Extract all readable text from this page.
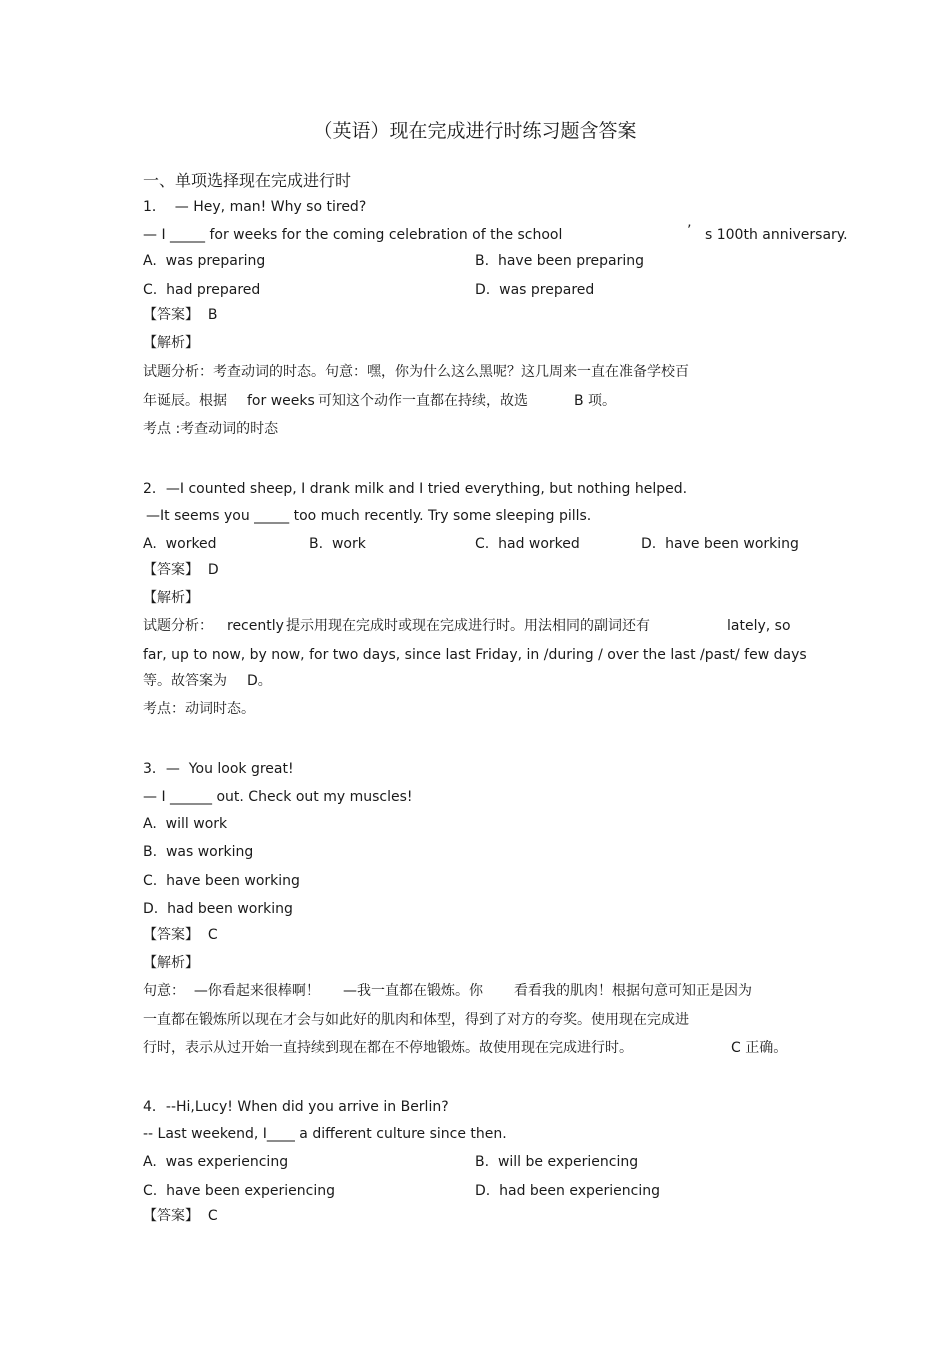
（英语）现在完成进行时练习题含答案
一、单项选择现在完成进行时
1．  — Hey, man! Why so tired?
— I _____ for weeks for the coming celebration of the school	’ s 100th anniversary.
A.  was preparing	B.  have been preparing
C.  had prepared	D.  was prepared
【答案】  B
【解析】
试题分析：考查动词的时态。句意：嘿，你为什么这么黑呢？这几周来一直在准备学校百
年诞辰。根据 for weeks 可知这个动作一直都在持续，故选	B 项。
考点 :考查动词的时态
2．—I counted sheep, I drank milk and I tried everything, but nothing helped.
—It seems you _____ too much recently. Try some sleeping pills.
A.  worked	B.  work	C.  had worked	D.  have been working
【答案】  D
【解析】
试题分析： recently 提示用现在完成时或现在完成进行时。用法相同的副词还有	lately, so
far, up to now, by now, for two days, since last Friday, in /during / over the last /past/ few days
等。故答案为 D。
考点：动词时态。
3．—  You look great!
— I ______ out. Check out my muscles!
A.  will work
B.  was working
C.  have been working
D.  had been working
【答案】  C
【解析】
句意：  —你看起来很棒啊！ —我一直都在锻炼。你 看看我的肌肉！根据句意可知正是因为
一直都在锻炼所以现在才会与如此好的肌肉和体型，得到了对方的夸奖。使用现在完成进
行时，表示从过开始一直持续到现在都在不停地锻炼。故使用现在完成进行时。	C 正确。
4．--Hi,Lucy! When did you arrive in Berlin?
-- Last weekend, I____ a different culture since then.
A.  was experiencing	B.  will be experiencing
C.  have been experiencing	D.  had been experiencing
【答案】  C
